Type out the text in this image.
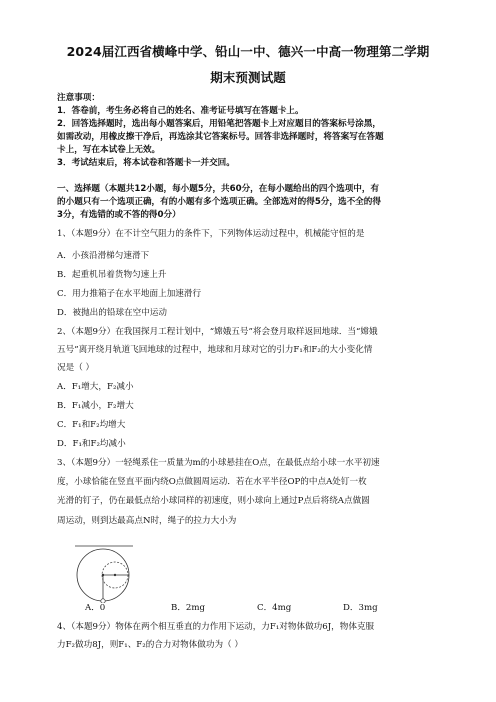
2024届江西省横峰中学、铅山一中、德兴一中高一物理第二学期
期末预测试题
注意事项：
1．答卷前，考生务必将自己的姓名、准考证号填写在答题卡上。
2．回答选择题时，选出每小题答案后，用铅笔把答题卡上对应题目的答案标号涂黑，
如需改动，用橡皮擦干净后，再选涂其它答案标号。回答非选择题时，将答案写在答题
卡上，写在本试卷上无效。
3．考试结束后，将本试卷和答题卡一并交回。
一、选择题（本题共12小题，每小题5分，共60分，在每小题给出的四个选项中，有
的小题只有一个选项正确，有的小题有多个选项正确。全部选对的得5分，选不全的得
3分，有选错的或不答的得0分）
1、（本题9分）在不计空气阻力的条件下，下列物体运动过程中，机械能守恒的是
A．小孩沿滑梯匀速滑下
B．起重机吊着货物匀速上升
C．用力推箱子在水平地面上加速滑行
D．被抛出的铅球在空中运动
2、（本题9分）在我国探月工程计划中，“嫦娥五号”将会登月取样返回地球．当“嫦娥
五号”离开绕月轨道飞回地球的过程中，地球和月球对它的引力F₁和F₂的大小变化情
况是（ ）
A．F₁增大，F₂减小
B．F₁减小，F₂增大
C．F₁和F₂均增大
D．F₁和F₂均减小
3、（本题9分）一轻绳系住一质量为m的小球悬挂在O点，在最低点给小球一水平初速
度，小球恰能在竖直平面内绕O点做圆周运动．若在水平半径OP的中点A处钉一枚
光滑的钉子，仍在最低点给小球同样的初速度，则小球向上通过P点后将绕A点做圆
周运动，则到达最高点N时，绳子的拉力大小为
A．0	B．2mg	C．4mg	D．3mg
4、（本题9分）物体在两个相互垂直的力作用下运动，力F₁对物体做功6J，物体克服
力F₂做功8J，则F₁、F₂的合力对物体做功为（ ）
